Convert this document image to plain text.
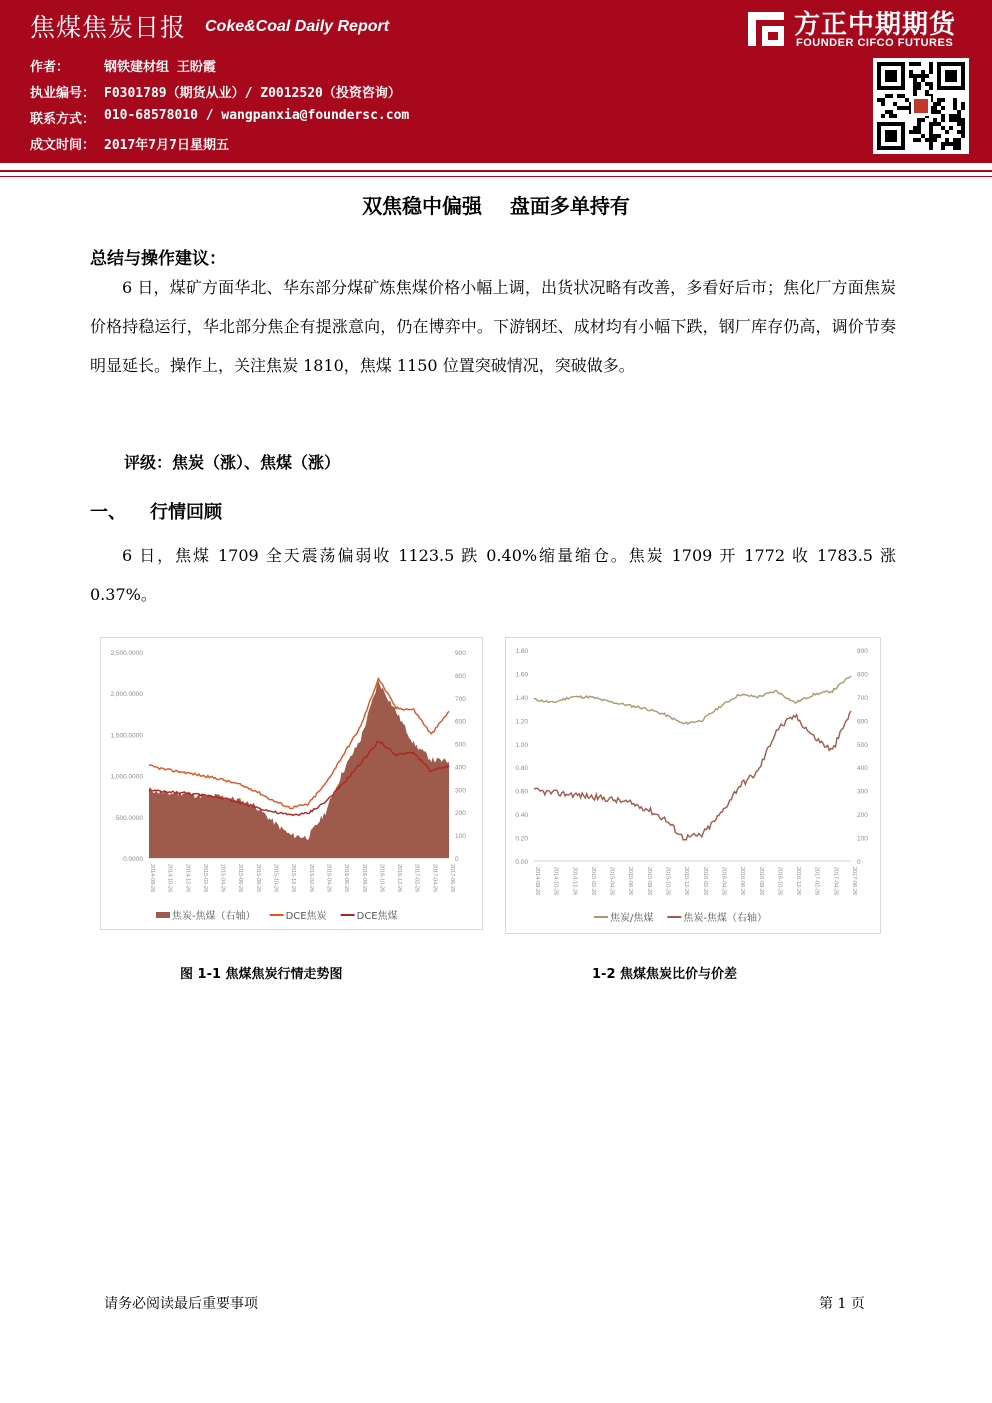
焦煤焦炭日报 Coke&Coal Daily Report
作者：	钢铁建材组 王盼霞
执业编号： F0301789（期货从业）/ Z0012520（投资咨询）
联系方式： 010-68578010 / wangpanxia@foundersc.com
成文时间： 2017年7月7日星期五
方正中期期货
FOUNDER CIFCO FUTURES
双焦稳中偏强    盘面多单持有
总结与操作建议：
6 日，煤矿方面华北、华东部分煤矿炼焦煤价格小幅上调，出货状况略有改善，多看好后市；焦化厂方面焦炭价格持稳运行，华北部分焦企有提涨意向，仍在博弈中。下游钢坯、成材均有小幅下跌，钢厂库存仍高，调价节奏明显延长。操作上，关注焦炭 1810，焦煤 1150 位置突破情况，突破做多。
评级：焦炭（涨）、焦煤（涨）
一、 行情回顾
6 日，焦煤 1709 全天震荡偏弱收 1123.5 跌 0.40%缩量缩仓。焦炭 1709 开 1772 收 1783.5 涨 0.37%。
0.0000
500.0000
1,000.0000
1,500.0000
2,000.0000
2,500.0000
0
100
200
300
400
500
600
700
800
900
2014-08-26 2014-10-26 2014-12-26 2015-02-26 2015-04-26 2015-06-26 2015-08-26 2015-10-26 2015-12-26 2016-02-26 2016-04-26 2016-06-26 2016-08-26 2016-10-26 2016-12-26 2017-02-26 2017-04-26 2017-06-26
焦炭-焦煤（右轴）	DCE焦炭	DCE焦煤
0.00
0.20
0.40
0.60
0.80
1.00
1.20
1.40
1.60
1.80
0
100
200
300
400
500
600
700
800
900
2014-08-26 2014-10-26 2014-12-26 2015-02-26 2015-04-26 2015-06-26 2015-08-26 2015-10-26 2015-12-26 2016-02-26 2016-04-26 2016-06-26 2016-08-26 2016-10-26 2016-12-26 2017-02-26 2017-04-26 2017-06-26
焦炭/焦煤	焦炭-焦煤（右轴）
图 1-1 焦煤焦炭行情走势图	1-2 焦煤焦炭比价与价差
请务必阅读最后重要事项	第 1 页
